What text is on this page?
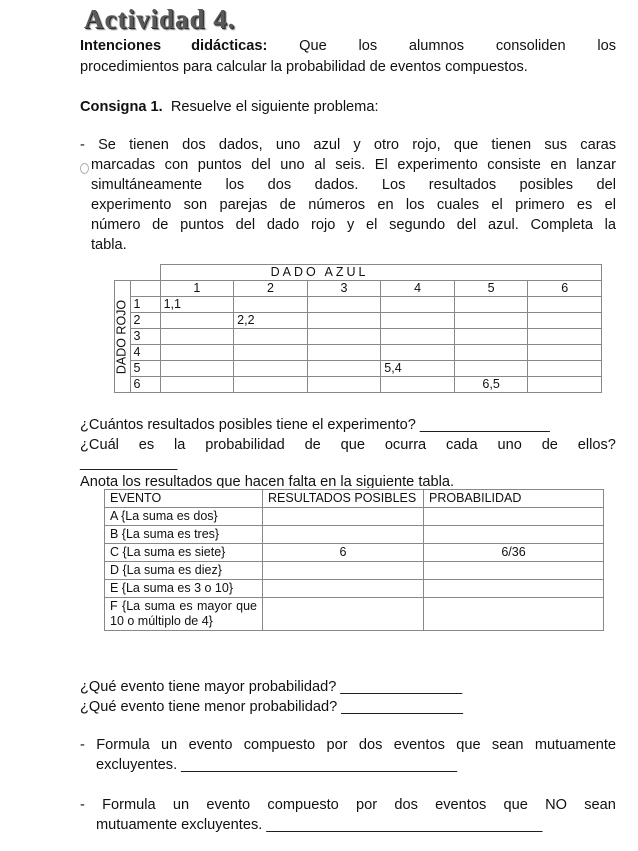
Actividad 4.
Intenciones didácticas: Que los alumnos consoliden los
procedimientos para calcular la probabilidad de eventos compuestos.
Consigna 1. Resuelve el siguiente problema:
- Se tienen dos dados, uno azul y otro rojo, que tienen sus caras
marcadas con puntos del uno al seis. El experimento consiste en lanzar
simultáneamente los dos dados. Los resultados posibles del
experimento son parejas de números en los cuales el primero es el
número de puntos del dado rojo y el segundo del azul. Completa la
tabla.
		DADO AZUL					

DADO ROJO		1	2	3	4	5	6
	1	1,1					
	2		2,2				
	3						
	4						
	5				5,4		
	6					6,5	
¿Cuántos resultados posibles tiene el experimento? ________________
¿Cuál es la probabilidad de que ocurra cada uno de ellos?
____________
Anota los resultados que hacen falta en la siguiente tabla.
EVENTO	RESULTADOS POSIBLES	PROBABILIDAD
A {La suma es dos}		
B {La suma es tres}		
C {La suma es siete}	6	6/36
D {La suma es diez}		
E {La suma es 3 o 10}		
F {La suma es mayor que 10 o múltiplo de 4}		
¿Qué evento tiene mayor probabilidad? _______________
¿Qué evento tiene menor probabilidad? _______________
- Formula un evento compuesto por dos eventos que sean mutuamente
excluyentes. __________________________________
- Formula un evento compuesto por dos eventos que NO sean
mutuamente excluyentes. __________________________________
